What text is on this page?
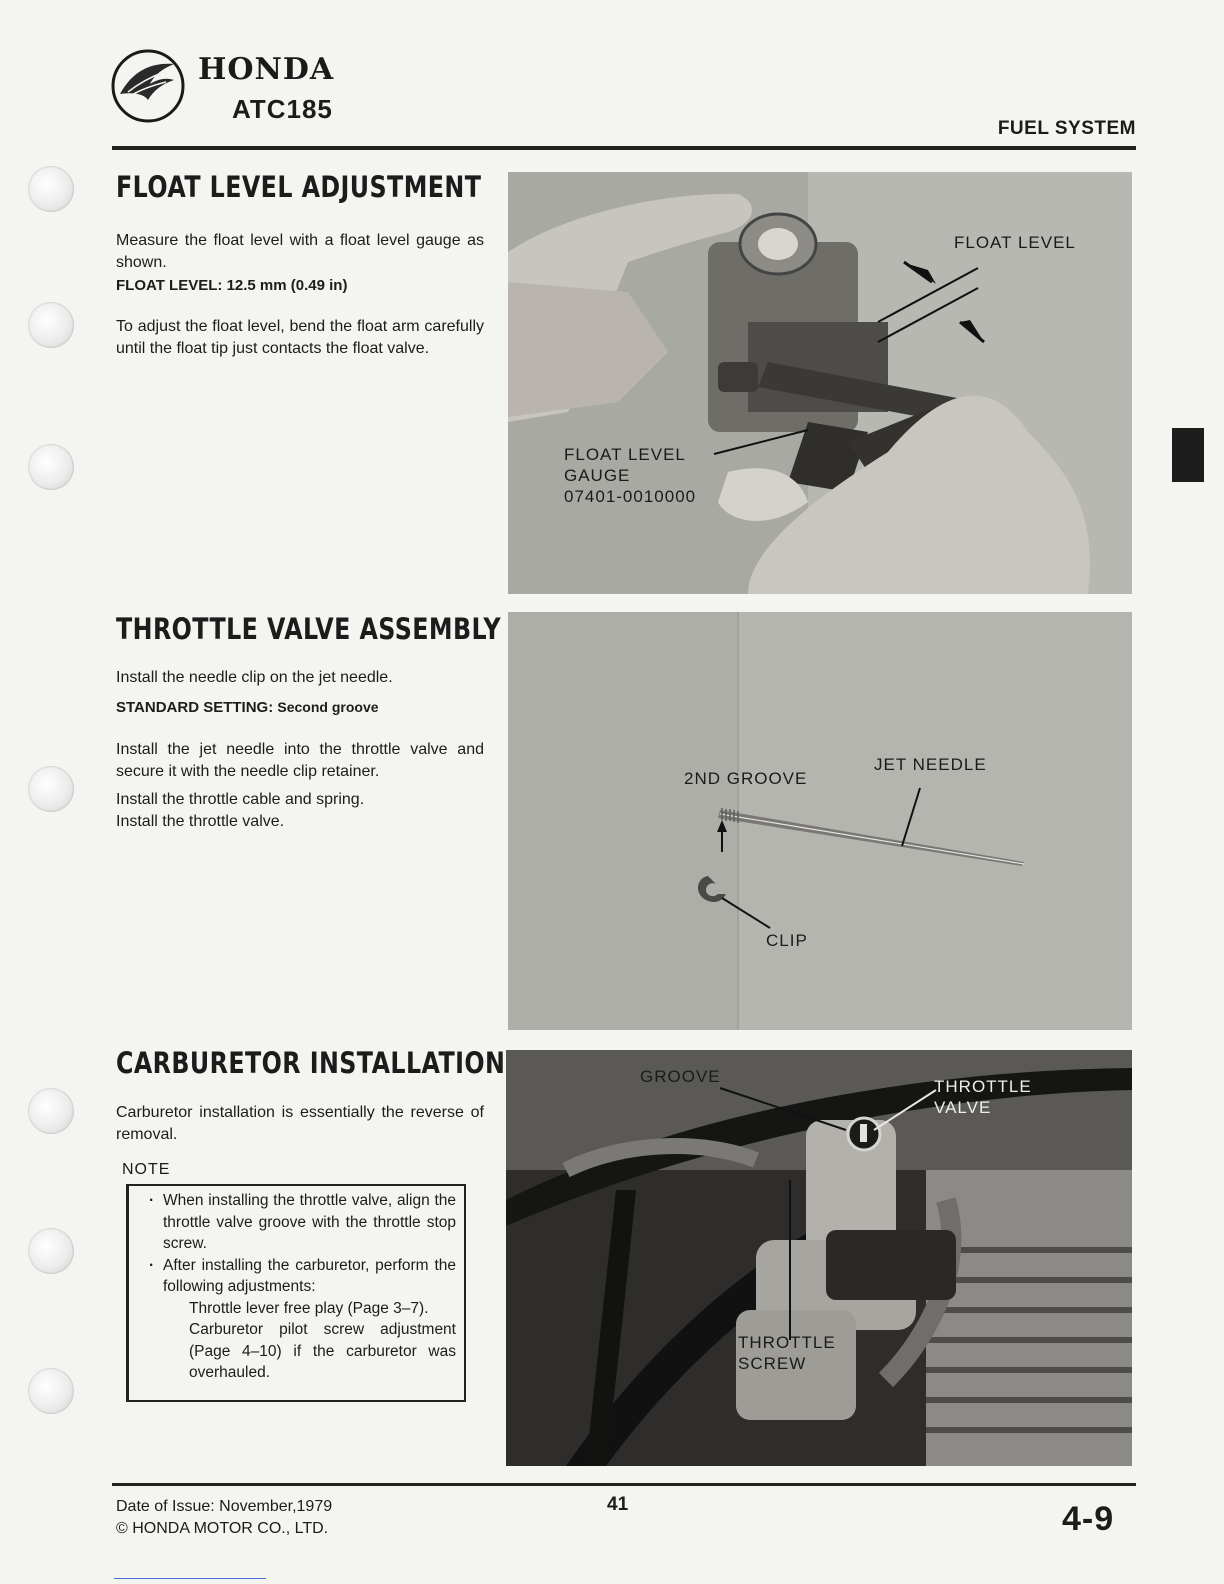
HONDA
ATC185
FUEL SYSTEM
FLOAT LEVEL ADJUSTMENT

Measure the float level with a float level gauge as shown.

FLOAT LEVEL: 12.5 mm (0.49 in)

To adjust the float level, bend the float arm carefully until the float tip just contacts the float valve.

FLOAT LEVEL
FLOAT LEVEL
GAUGE
07401-0010000
THROTTLE VALVE ASSEMBLY

Install the needle clip on the jet needle.

STANDARD SETTING: Second groove

Install the jet needle into the throttle valve and secure it with the needle clip retainer.

Install the throttle cable and spring.

Install the throttle valve.

2ND GROOVE
JET NEEDLE
CLIP
CARBURETOR INSTALLATION

Carburetor installation is essentially the reverse of removal.

NOTE
· When installing the throttle valve, align the throttle valve groove with the throttle stop screw.
· After installing the carburetor, perform the following adjustments:

Throttle lever free play (Page 3–7).

Carburetor pilot screw adjustment (Page 4–10) if the carburetor was overhauled.

GROOVE
THROTTLE
VALVE
THROTTLE
SCREW
Date of Issue: November,1979
© HONDA MOTOR CO., LTD.
41	4-9
